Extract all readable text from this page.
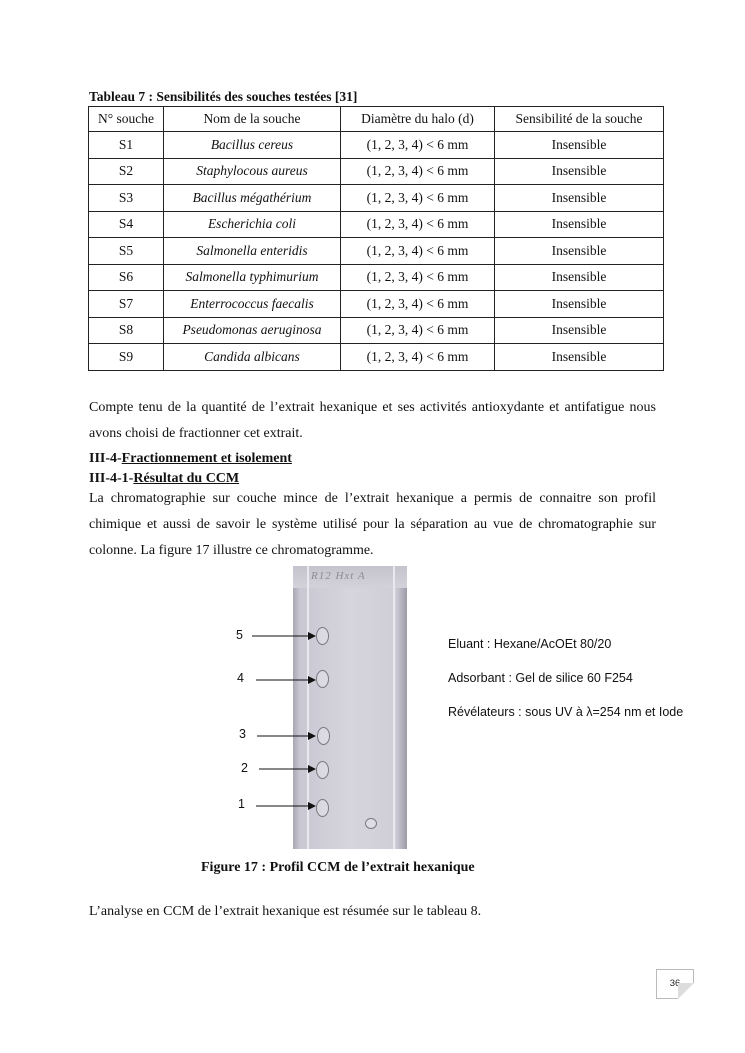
Tableau 7 : Sensibilités des souches testées [31]
N° souche	Nom de la souche	Diamètre du halo (d)	Sensibilité de la souche
S1	Bacillus cereus	(1, 2, 3, 4) < 6 mm	Insensible
S2	Staphylocous aureus	(1, 2, 3, 4) < 6 mm	Insensible
S3	Bacillus mégathérium	(1, 2, 3, 4) < 6 mm	Insensible
S4	Escherichia coli	(1, 2, 3, 4) < 6 mm	Insensible
S5	Salmonella enteridis	(1, 2, 3, 4) < 6 mm	Insensible
S6	Salmonella typhimurium	(1, 2, 3, 4) < 6 mm	Insensible
S7	Enterrococcus faecalis	(1, 2, 3, 4) < 6 mm	Insensible
S8	Pseudomonas aeruginosa	(1, 2, 3, 4) < 6 mm	Insensible
S9	Candida albicans	(1, 2, 3, 4) < 6 mm	Insensible
Compte tenu de la quantité de l’extrait hexanique et ses activités antioxydante et antifatigue nous avons choisi de fractionner cet extrait.
III-4-Fractionnement et isolement
III-4-1-Résultat du CCM
La chromatographie sur couche mince de l’extrait hexanique a permis de connaitre son profil chimique et aussi de savoir le système utilisé pour la séparation au vue de chromatographie sur colonne. La figure 17 illustre ce chromatogramme.
R12 Hxt A
5
4
3
2
1
Eluant : Hexane/AcOEt 80/20
Adsorbant : Gel de silice 60 F254
Révélateurs : sous UV à λ=254 nm et Iode
Figure 17 : Profil CCM de l’extrait hexanique
L’analyse en CCM de l’extrait hexanique est résumée sur le tableau 8.
36
